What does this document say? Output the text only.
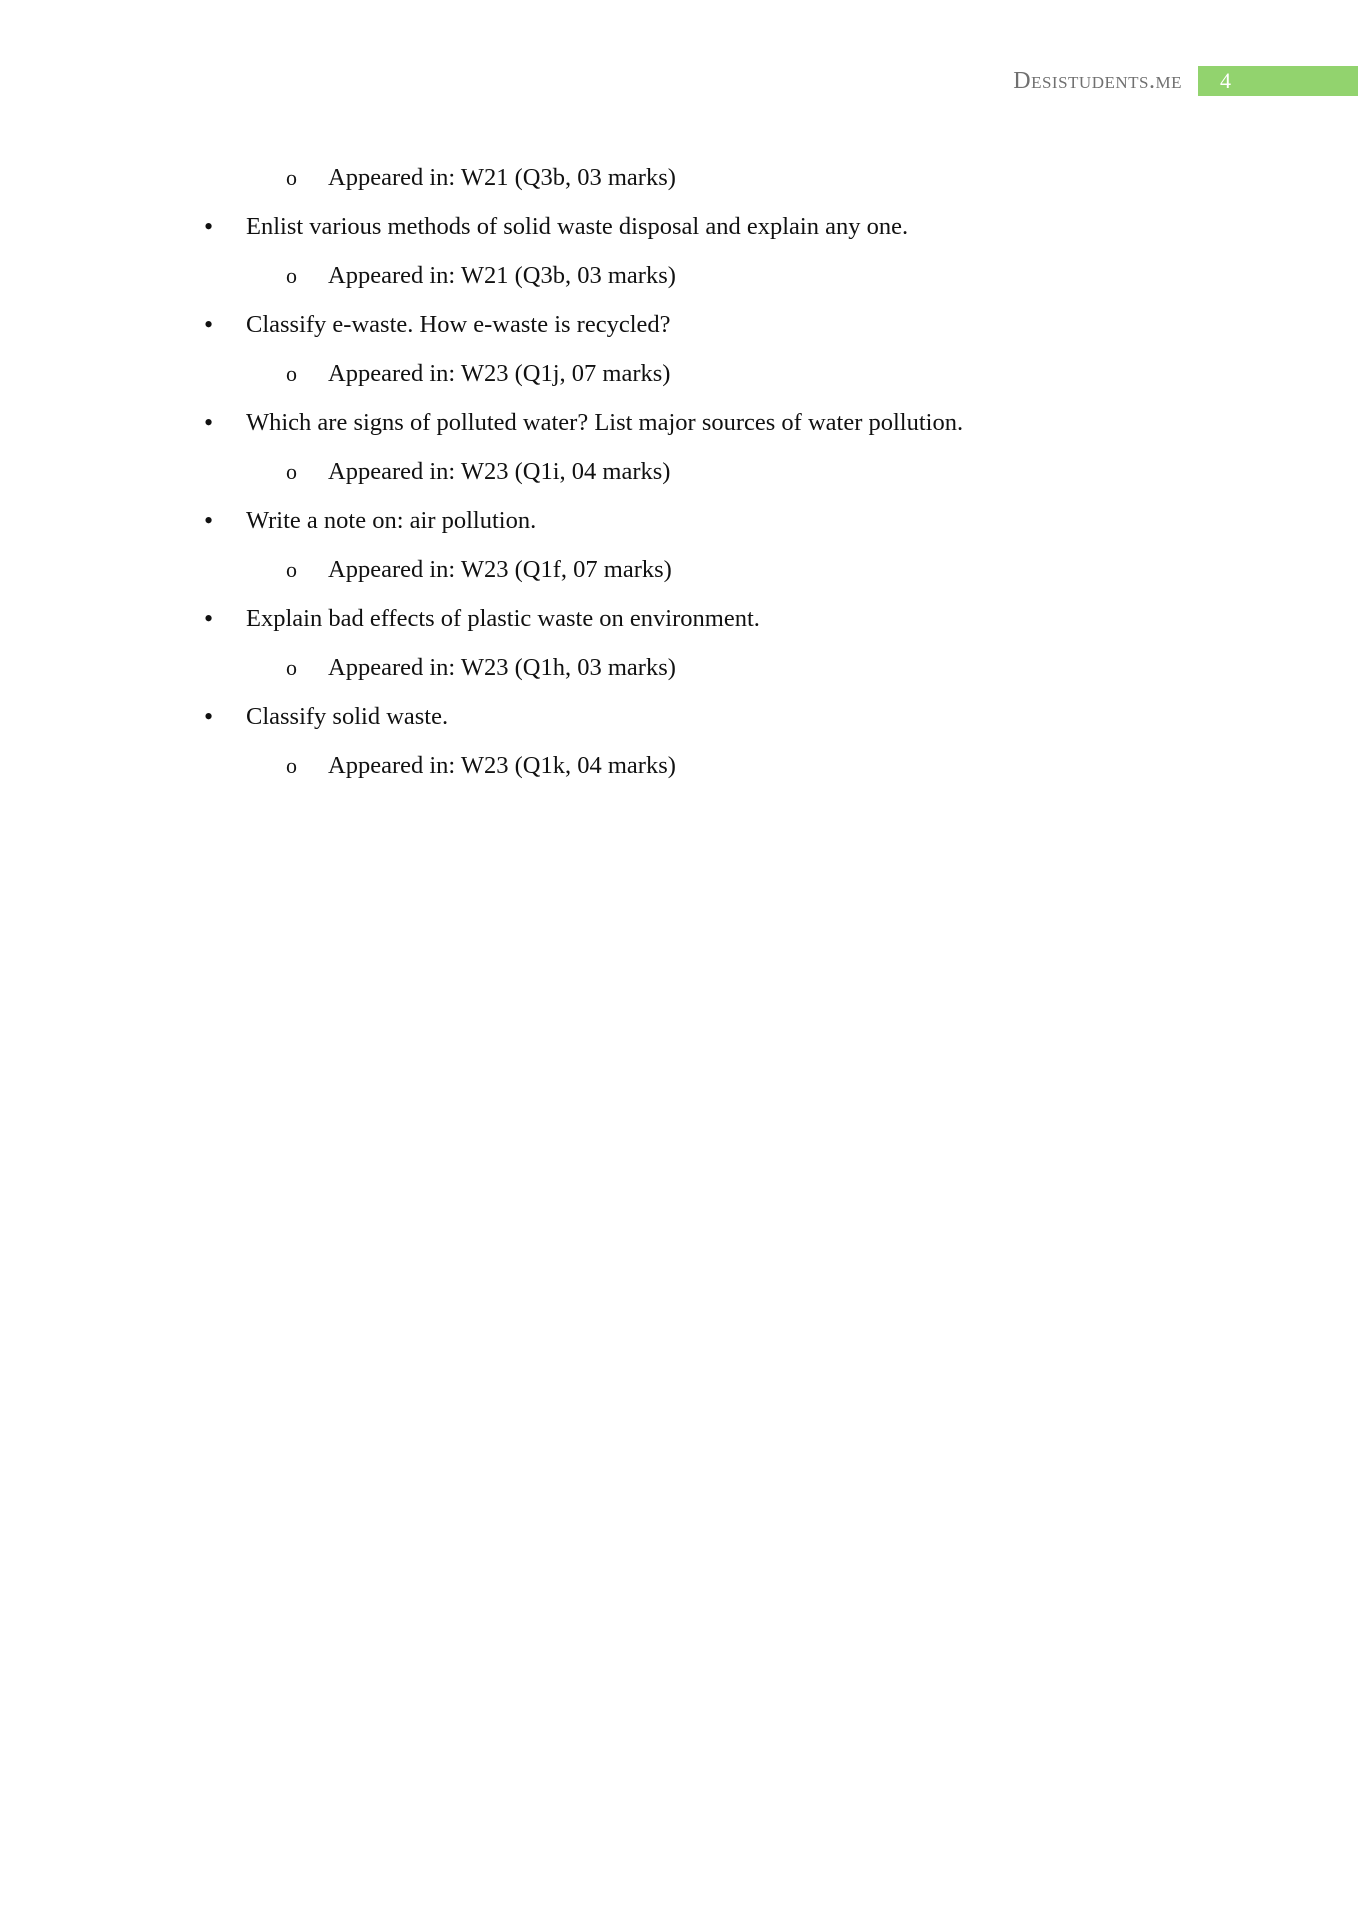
Desistudents.me	4
o Appeared in: W21 (Q3b, 03 marks)
• Enlist various methods of solid waste disposal and explain any one.
o Appeared in: W21 (Q3b, 03 marks)
• Classify e-waste. How e-waste is recycled?
o Appeared in: W23 (Q1j, 07 marks)
• Which are signs of polluted water? List major sources of water pollution.
o Appeared in: W23 (Q1i, 04 marks)
• Write a note on: air pollution.
o Appeared in: W23 (Q1f, 07 marks)
• Explain bad effects of plastic waste on environment.
o Appeared in: W23 (Q1h, 03 marks)
• Classify solid waste.
o Appeared in: W23 (Q1k, 04 marks)
